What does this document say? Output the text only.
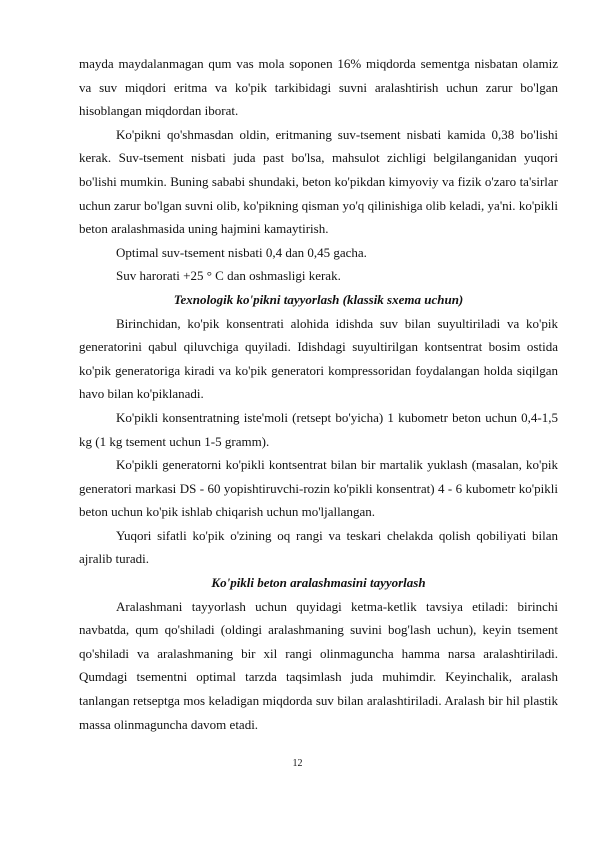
mayda maydalanmagan qum vas mola soponen 16% miqdorda sementga nisbatan olamiz va suv miqdori eritma va ko'pik tarkibidagi suvni aralashtirish uchun zarur bo'lgan hisoblangan miqdordan iborat.

Ko'pikni qo'shmasdan oldin, eritmaning suv-tsement nisbati kamida 0,38 bo'lishi kerak. Suv-tsement nisbati juda past bo'lsa, mahsulot zichligi belgilanganidan yuqori bo'lishi mumkin. Buning sababi shundaki, beton ko'pikdan kimyoviy va fizik o'zaro ta'sirlar uchun zarur bo'lgan suvni olib, ko'pikning qisman yo'q qilinishiga olib keladi, ya'ni. ko'pikli beton aralashmasida uning hajmini kamaytirish.

Optimal suv-tsement nisbati 0,4 dan 0,45 gacha.

Suv harorati +25 ° C dan oshmasligi kerak.

Texnologik ko'pikni tayyorlash (klassik sxema uchun)

Birinchidan, ko'pik konsentrati alohida idishda suv bilan suyultiriladi va ko'pik generatorini qabul qiluvchiga quyiladi. Idishdagi suyultirilgan kontsentrat bosim ostida ko'pik generatoriga kiradi va ko'pik generatori kompressoridan foydalangan holda siqilgan havo bilan ko'piklanadi.

Ko'pikli konsentratning iste'moli (retsept bo'yicha) 1 kubometr beton uchun 0,4-1,5 kg (1 kg tsement uchun 1-5 gramm).

Ko'pikli generatorni ko'pikli kontsentrat bilan bir martalik yuklash (masalan, ko'pik generatori markasi DS - 60 yopishtiruvchi-rozin ko'pikli konsentrat) 4 - 6 kubometr ko'pikli beton uchun ko'pik ishlab chiqarish uchun mo'ljallangan.

Yuqori sifatli ko'pik o'zining oq rangi va teskari chelakda qolish qobiliyati bilan ajralib turadi.

Ko'pikli beton aralashmasini tayyorlash

Aralashmani tayyorlash uchun quyidagi ketma-ketlik tavsiya etiladi: birinchi navbatda, qum qo'shiladi (oldingi aralashmaning suvini bog'lash uchun), keyin tsement qo'shiladi va aralashmaning bir xil rangi olinmaguncha hamma narsa aralashtiriladi. Qumdagi tsementni optimal tarzda taqsimlash juda muhimdir. Keyinchalik, aralash tanlangan retseptga mos keladigan miqdorda suv bilan aralashtiriladi. Aralash bir hil plastik massa olinmaguncha davom etadi.

12
